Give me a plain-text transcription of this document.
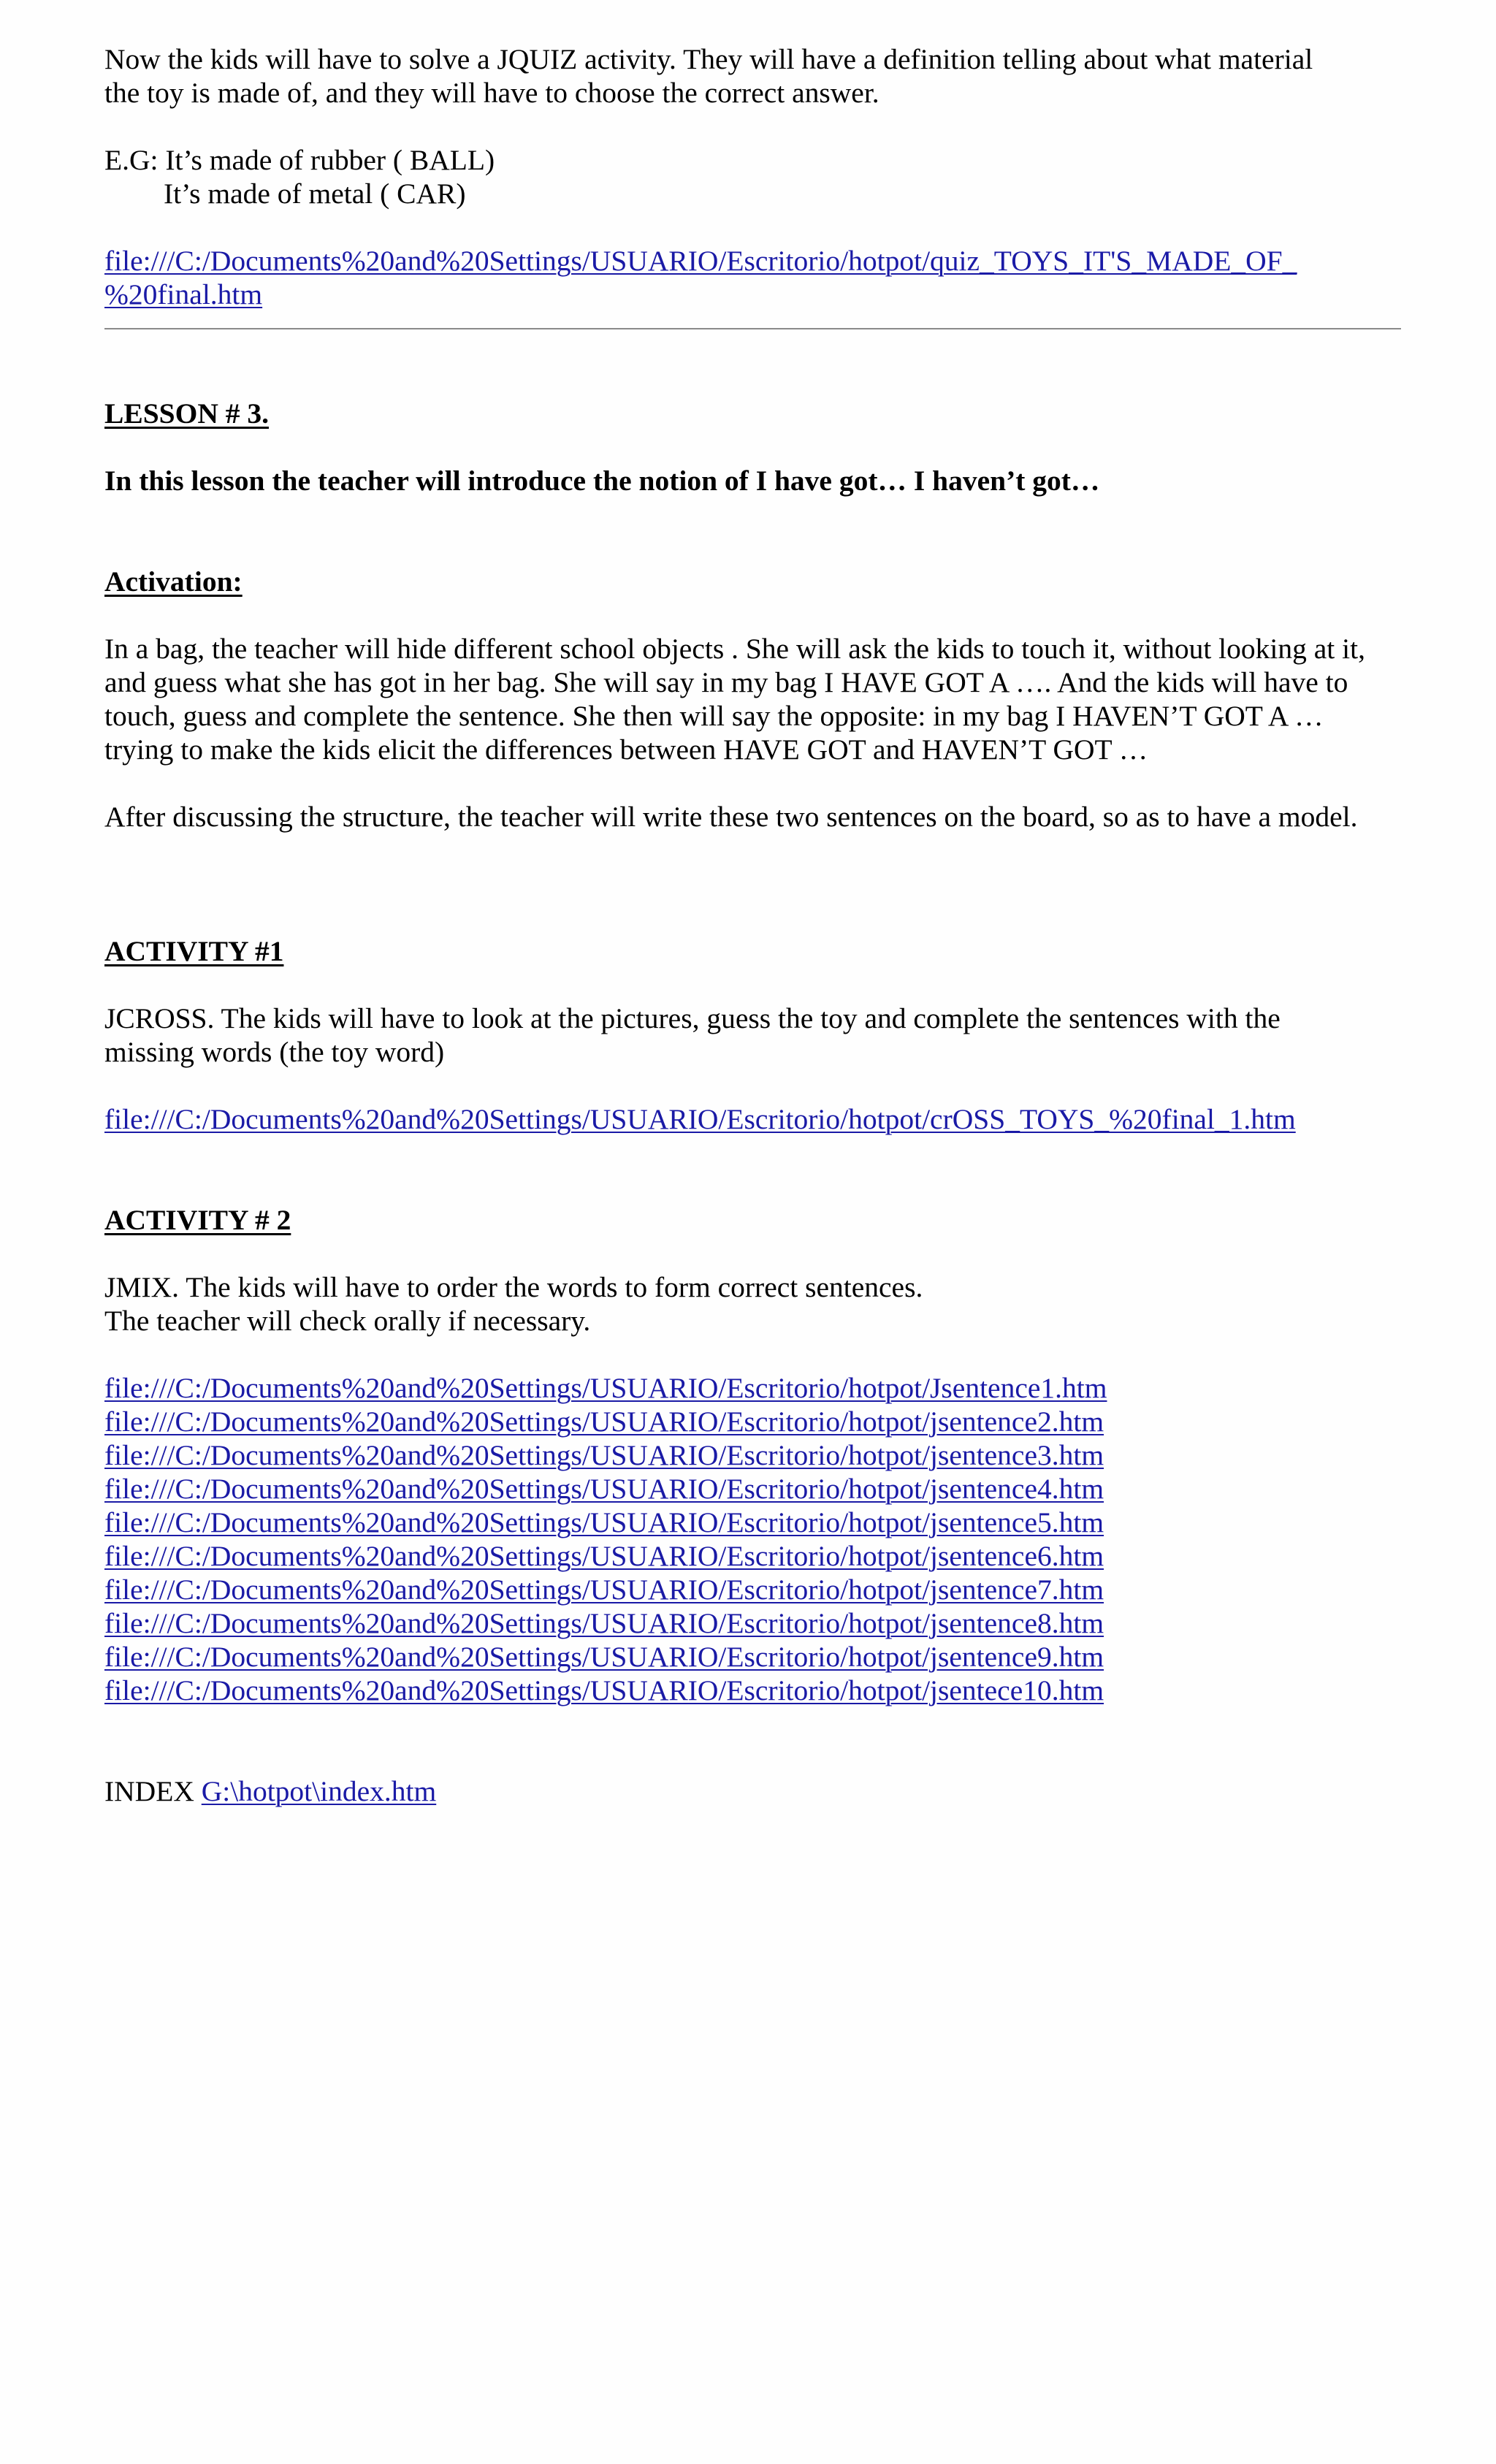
Now the kids will have to solve a JQUIZ activity. They will have a definition telling about what material

the toy is made of, and they will have to choose the correct answer.

E.G: It’s made of rubber ( BALL)

It’s made of metal ( CAR)

file:///C:/Documents%20and%20Settings/USUARIO/Escritorio/hotpot/quiz_TOYS_IT'S_MADE_OF_

%20final.htm

LESSON # 3.

In this lesson the teacher will introduce the notion of I have got… I haven’t got…

Activation:

In a bag, the teacher will hide different school objects . She will ask the kids to touch it, without looking at it,

and guess what she has got in her bag. She will say in my bag I HAVE GOT A …. And the kids will have to

touch, guess and complete the sentence. She then will say the opposite: in my bag I HAVEN’T GOT A …

trying to make the kids elicit the differences between HAVE GOT and HAVEN’T GOT …

After discussing the structure, the teacher will write these two sentences on the board, so as to have a model.

ACTIVITY #1

JCROSS. The kids will have to look at the pictures, guess the toy and complete the sentences with the

missing words (the toy word)

file:///C:/Documents%20and%20Settings/USUARIO/Escritorio/hotpot/crOSS_TOYS_%20final_1.htm

ACTIVITY # 2

JMIX. The kids will have to order the words to form correct sentences.

The teacher will check orally if necessary.

file:///C:/Documents%20and%20Settings/USUARIO/Escritorio/hotpot/Jsentence1.htm

file:///C:/Documents%20and%20Settings/USUARIO/Escritorio/hotpot/jsentence2.htm

file:///C:/Documents%20and%20Settings/USUARIO/Escritorio/hotpot/jsentence3.htm

file:///C:/Documents%20and%20Settings/USUARIO/Escritorio/hotpot/jsentence4.htm

file:///C:/Documents%20and%20Settings/USUARIO/Escritorio/hotpot/jsentence5.htm

file:///C:/Documents%20and%20Settings/USUARIO/Escritorio/hotpot/jsentence6.htm

file:///C:/Documents%20and%20Settings/USUARIO/Escritorio/hotpot/jsentence7.htm

file:///C:/Documents%20and%20Settings/USUARIO/Escritorio/hotpot/jsentence8.htm

file:///C:/Documents%20and%20Settings/USUARIO/Escritorio/hotpot/jsentence9.htm

file:///C:/Documents%20and%20Settings/USUARIO/Escritorio/hotpot/jsentece10.htm

INDEX G:\hotpot\index.htm
